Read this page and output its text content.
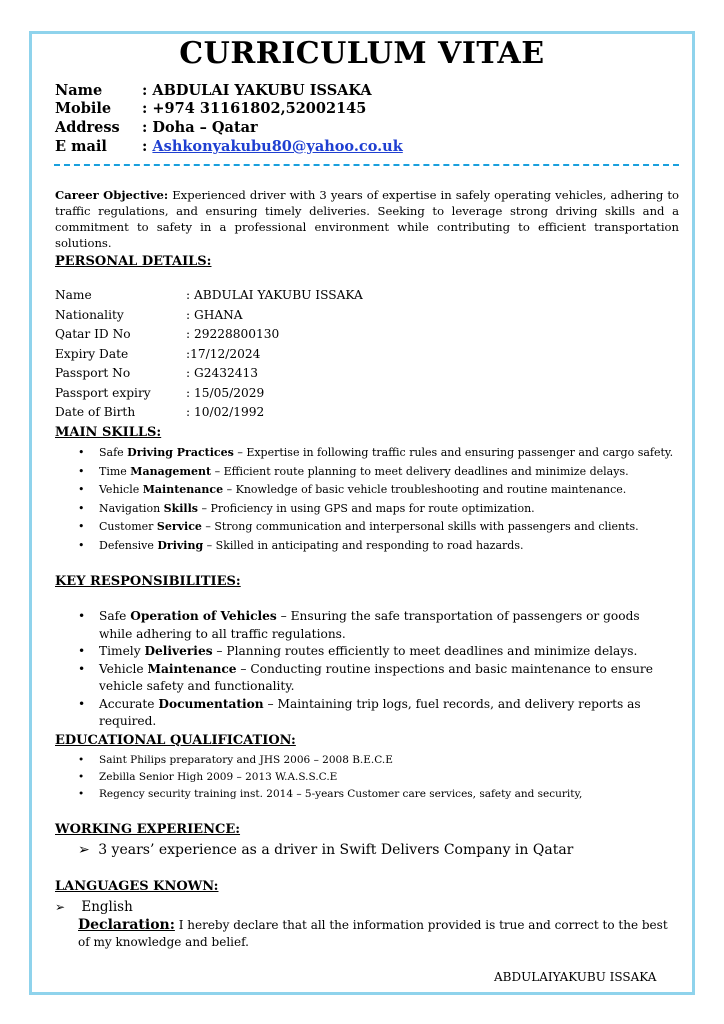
CURRICULUM VITAE
Name	: ABDULAI YAKUBU ISSAKA
Mobile : +974 31161802,52002145
Address : Doha – Qatar
E mail : Ashkonyakubu80@yahoo.co.uk
Career Objective: Experienced driver with 3 years of expertise in safely operating vehicles, adhering to traffic regulations, and ensuring timely deliveries. Seeking to leverage strong driving skills and a commitment to safety in a professional environment while contributing to efficient transportation solutions.
PERSONAL DETAILS:
Name	: ABDULAI YAKUBU ISSAKA
Nationality	: GHANA
Qatar ID No	: 29228800130
Expiry Date	:17/12/2024
Passport No	: G2432413
Passport expiry	: 15/05/2029
Date of Birth	: 10/02/1992
MAIN SKILLS:
• Safe Driving Practices – Expertise in following traffic rules and ensuring passenger and cargo safety.
• Time Management – Efficient route planning to meet delivery deadlines and minimize delays.
• Vehicle Maintenance – Knowledge of basic vehicle troubleshooting and routine maintenance.
• Navigation Skills – Proficiency in using GPS and maps for route optimization.
• Customer Service – Strong communication and interpersonal skills with passengers and clients.
• Defensive Driving – Skilled in anticipating and responding to road hazards.
KEY RESPONSIBILITIES:
• Safe Operation of Vehicles – Ensuring the safe transportation of passengers or goods while adhering to all traffic regulations.
• Timely Deliveries – Planning routes efficiently to meet deadlines and minimize delays.
• Vehicle Maintenance – Conducting routine inspections and basic maintenance to ensure vehicle safety and functionality.
• Accurate Documentation – Maintaining trip logs, fuel records, and delivery reports as required.
EDUCATIONAL QUALIFICATION:
• Saint Philips preparatory and JHS 2006 – 2008 B.E.C.E
• Zebilla Senior High 2009 – 2013 W.A.S.S.C.E
• Regency security training inst. 2014 – 5-years Customer care services, safety and security,
WORKING EXPERIENCE:
➢ 3 years’ experience as a driver in Swift Delivers Company in Qatar
LANGUAGES KNOWN:
➢ English
Declaration: I hereby declare that all the information provided is true and correct to the best of my knowledge and belief.
ABDULAIYAKUBU ISSAKA
